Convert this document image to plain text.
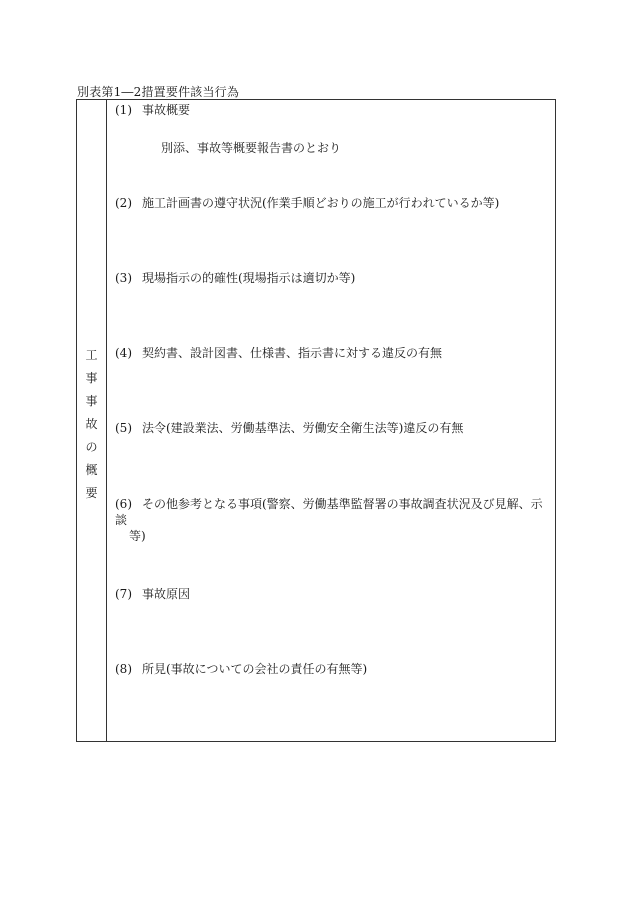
別表第1―2措置要件該当行為
工
事
事
故
の
概
要
(1) 事故概要
別添、事故等概要報告書のとおり
(2) 施工計画書の遵守状況(作業手順どおりの施工が行われているか等)
(3) 現場指示の的確性(現場指示は適切か等)
(4) 契約書、設計図書、仕様書、指示書に対する違反の有無
(5) 法令(建設業法、労働基準法、労働安全衛生法等)違反の有無
(6) その他参考となる事項(警察、労働基準監督署の事故調査状況及び見解、示談
等)
(7) 事故原因
(8) 所見(事故についての会社の責任の有無等)
